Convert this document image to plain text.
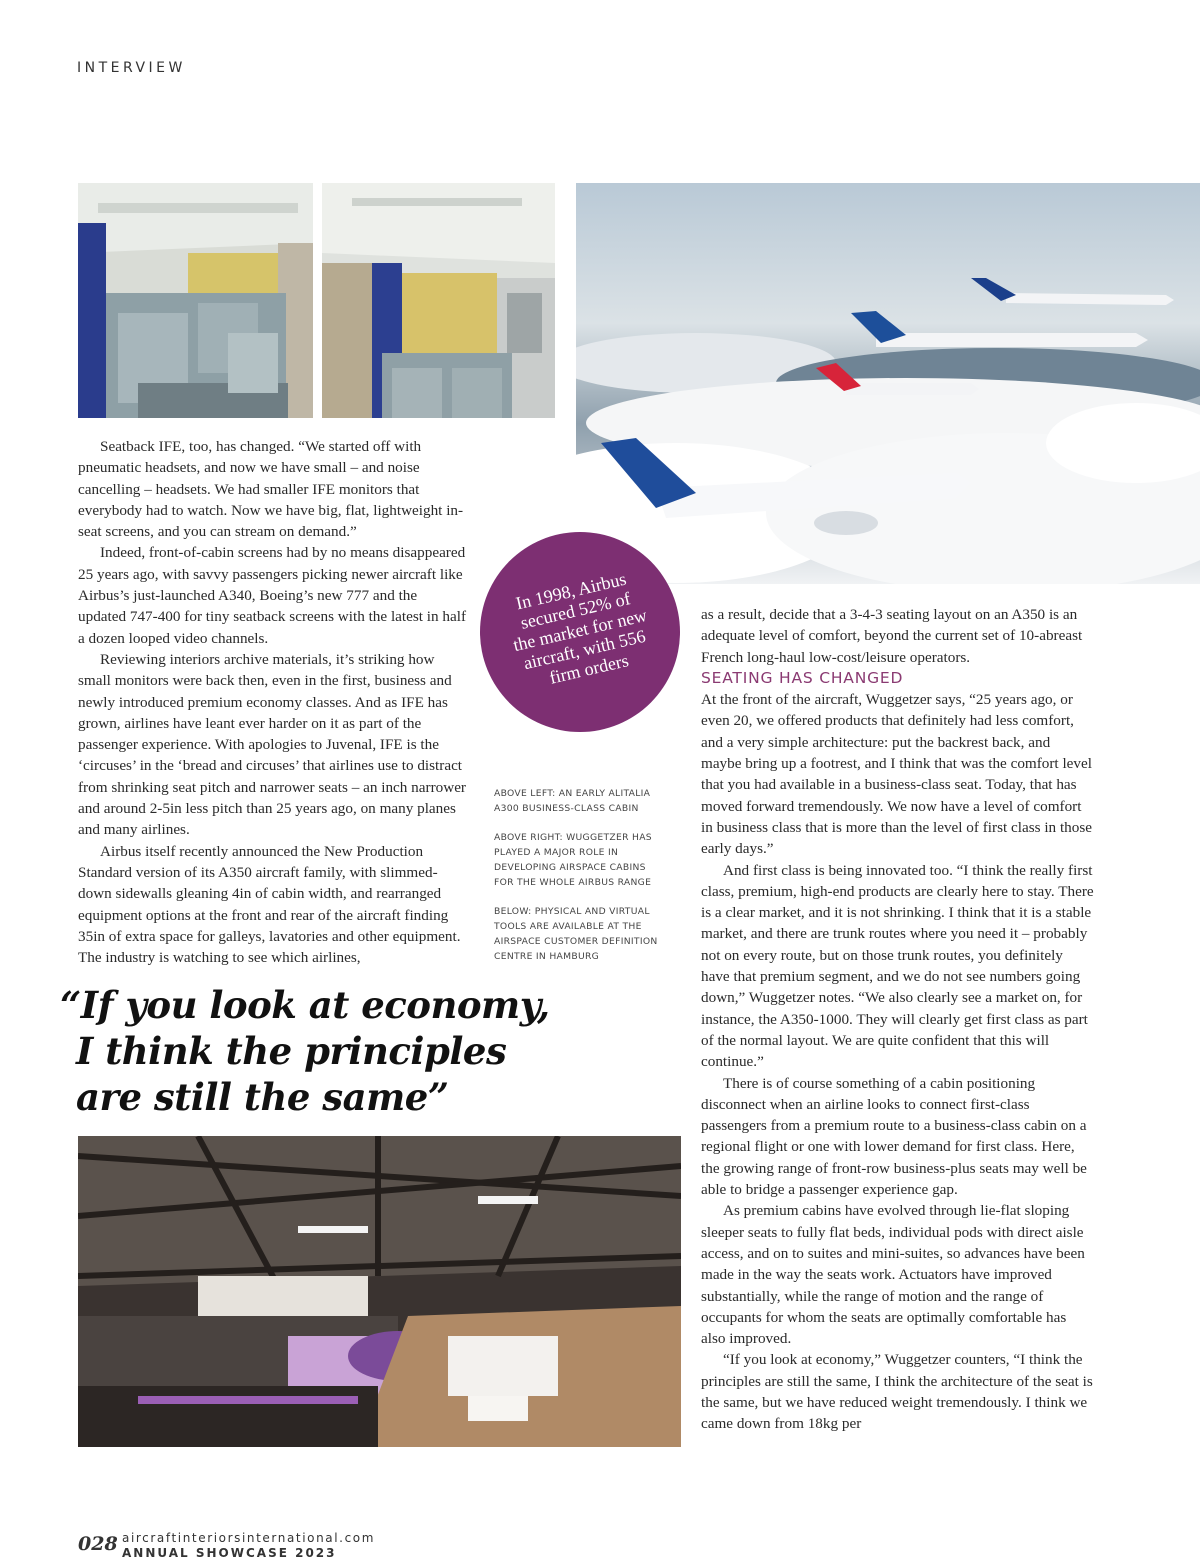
INTERVIEW

Seatback IFE, too, has changed. “We started off with pneumatic headsets, and now we have small – and noise cancelling – headsets. We had smaller IFE monitors that everybody had to watch. Now we have big, flat, lightweight in-seat screens, and you can stream on demand.”

Indeed, front-of-cabin screens had by no means disappeared 25 years ago, with savvy passengers picking newer aircraft like Airbus’s just-launched A340, Boeing’s new 777 and the updated 747-400 for tiny seatback screens with the latest in half a dozen looped video channels.

Reviewing interiors archive materials, it’s striking how small monitors were back then, even in the first, business and newly introduced premium economy classes. And as IFE has grown, airlines have leant ever harder on it as part of the passenger experience. With apologies to Juvenal, IFE is the ‘circuses’ in the ‘bread and circuses’ that airlines use to distract from shrinking seat pitch and narrower seats – an inch narrower and around 2-5in less pitch than 25 years ago, on many planes and many airlines.

Airbus itself recently announced the New Production Standard version of its A350 aircraft family, with slimmed-down sidewalls gleaning 4in of cabin width, and rearranged equipment options at the front and rear of the aircraft finding 35in of extra space for galleys, lavatories and other equipment. The industry is watching to see which airlines,

In 1998, Airbus
secured 52% of
the market for new
aircraft, with 556
firm orders

ABOVE LEFT: AN EARLY ALITALIA A300 BUSINESS-CLASS CABIN

ABOVE RIGHT: WUGGETZER HAS PLAYED A MAJOR ROLE IN DEVELOPING AIRSPACE CABINS FOR THE WHOLE AIRBUS RANGE

BELOW: PHYSICAL AND VIRTUAL TOOLS ARE AVAILABLE AT THE AIRSPACE CUSTOMER DEFINITION CENTRE IN HAMBURG

“If you look at economy,
I think the principles
are still the same”

as a result, decide that a 3-4-3 seating layout on an A350 is an adequate level of comfort, beyond the current set of 10-abreast French long-haul low-cost/leisure operators.

SEATING HAS CHANGED

At the front of the aircraft, Wuggetzer says, “25 years ago, or even 20, we offered products that definitely had less comfort, and a very simple architecture: put the backrest back, and maybe bring up a footrest, and I think that was the comfort level that you had available in a business-class seat. Today, that has moved forward tremendously. We now have a level of comfort in business class that is more than the level of first class in those early days.”

And first class is being innovated too. “I think the really first class, premium, high-end products are clearly here to stay. There is a clear market, and it is not shrinking. I think that it is a stable market, and there are trunk routes where you need it – probably not on every route, but on those trunk routes, you definitely have that premium segment, and we do not see numbers going down,” Wuggetzer notes. “We also clearly see a market on, for instance, the A350-1000. They will clearly get first class as part of the normal layout. We are quite confident that this will continue.”

There is of course something of a cabin positioning disconnect when an airline looks to connect first-class passengers from a premium route to a business-class cabin on a regional flight or one with lower demand for first class. Here, the growing range of front-row business-plus seats may well be able to bridge a passenger experience gap.

As premium cabins have evolved through lie-flat sloping sleeper seats to fully flat beds, individual pods with direct aisle access, and on to suites and mini-suites, so advances have been made in the way the seats work. Actuators have improved substantially, while the range of motion and the range of occupants for whom the seats are optimally comfortable has also improved.

“If you look at economy,” Wuggetzer counters, “I think the principles are still the same, I think the architecture of the seat is the same, but we have reduced weight tremendously. I think we came down from 18kg per

028 aircraftinteriorsinternational.com
ANNUAL SHOWCASE 2023
